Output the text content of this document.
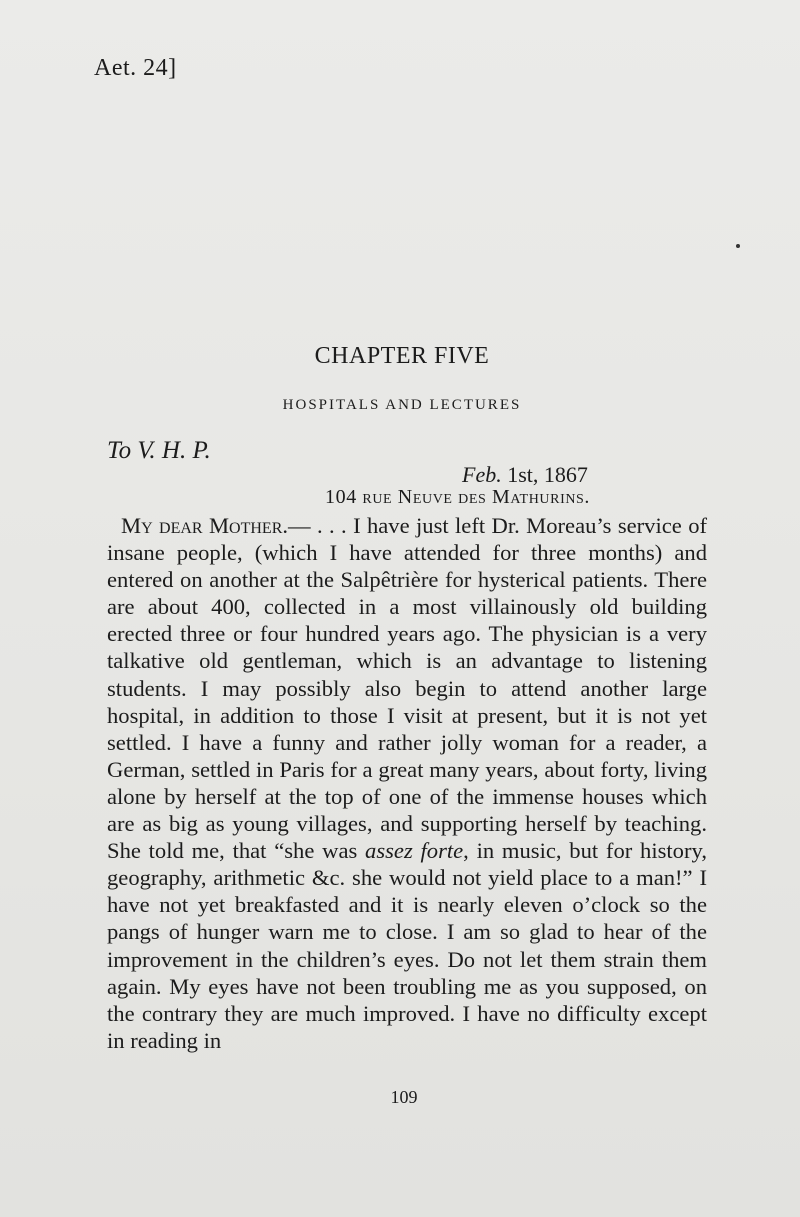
Aet. 24]
CHAPTER FIVE
HOSPITALS AND LECTURES
To V. H. P.
Feb. 1st, 1867
104 rue Neuve des Mathurins.

My dear Mother.— . . . I have just left Dr. Moreau’s service of insane people, (which I have attended for three months) and entered on another at the Salpêtrière for hysterical patients. There are about 400, collected in a most villainously old building erected three or four hundred years ago. The physician is a very talkative old gentleman, which is an advantage to listening students. I may possibly also begin to attend another large hospital, in addition to those I visit at present, but it is not yet settled. I have a funny and rather jolly woman for a reader, a German, settled in Paris for a great many years, about forty, living alone by herself at the top of one of the immense houses which are as big as young villages, and supporting herself by teaching. She told me, that “she was assez forte, in music, but for history, geography, arithmetic &c. she would not yield place to a man!” I have not yet breakfasted and it is nearly eleven o’clock so the pangs of hunger warn me to close. I am so glad to hear of the improvement in the children’s eyes. Do not let them strain them again. My eyes have not been troubling me as you supposed, on the contrary they are much improved. I have no difficulty except in reading in

109
